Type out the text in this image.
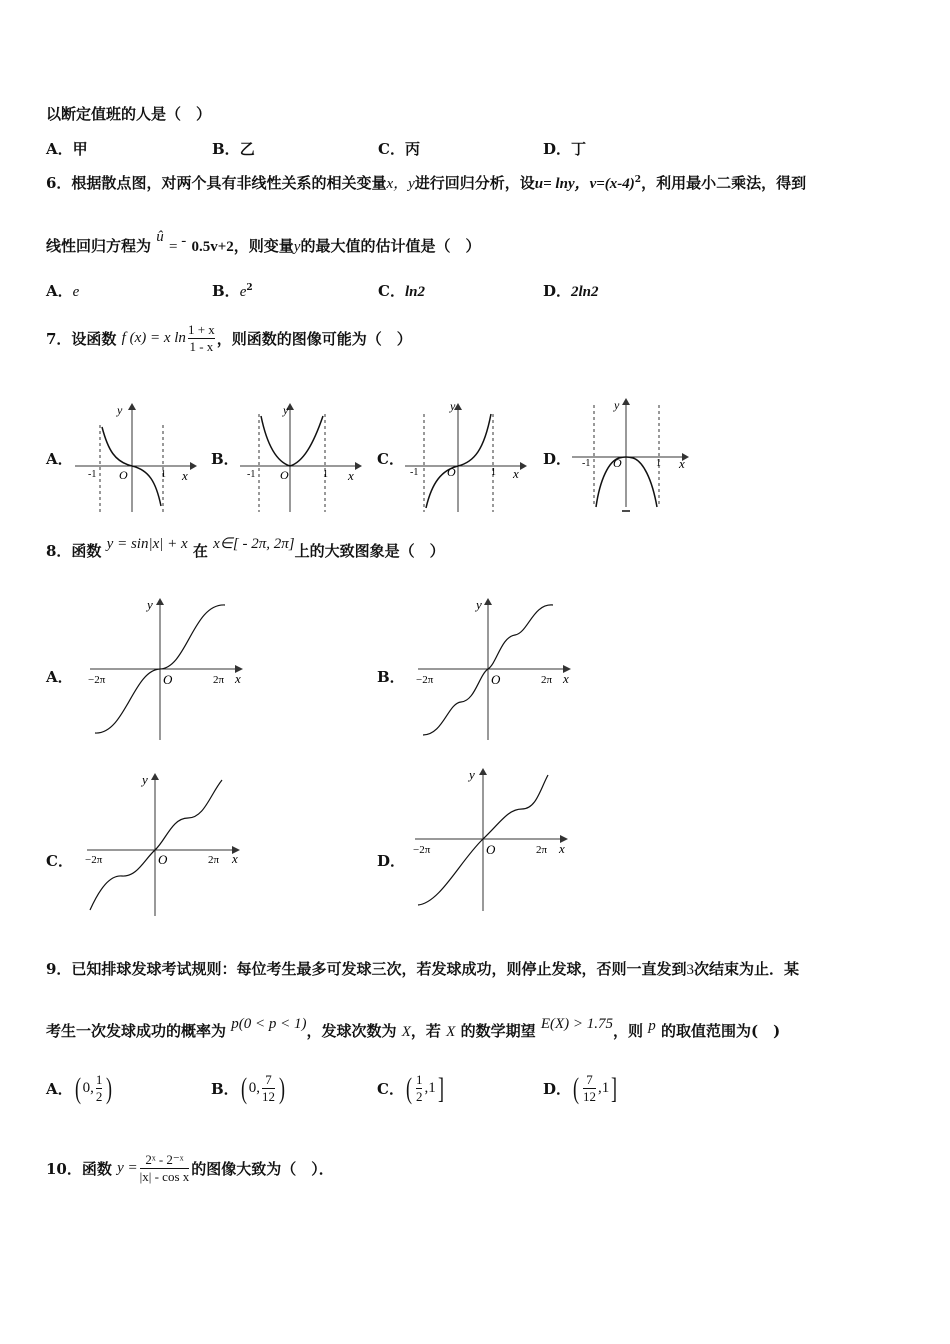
以断定值班的人是（　）
A．甲	B．乙	C．丙	D．丁
6．根据散点图，对两个具有非线性关系的相关变量x，y进行回归分析，设u= lny，$v=(x-4)^2$，利用最小二乘法，得到
线性回归方程为 û = - 0.5v+2，则变量y的最大值的估计值是（　）
A．e	B．$e^2$	C．ln2	D．2ln2
7．设函数 f (x) = x $\ln \frac{1 + x}{1 - x}$ ，则函数的图像可能为（　）
A．	B．	C．	D．
y
x
O
-1	1
y
x
O
-1	1
y
x
O
-1	1
y
x
O
-1	1
8．函数 y = sin|x| + x 在 x∈[ - 2π, 2π]上的大致图象是（　）
A．	B．
C．	D．
y
x
O
−2π	2π
y
x
O
−2π	2π
y
x
O
−2π	2π
y
x
O
−2π	2π
9．已知排球发球考试规则：每位考生最多可发球三次，若发球成功，则停止发球，否则一直发到3次结束为止．某
考生一次发球成功的概率为 p(0 < p < 1)，发球次数为 X，若 X 的数学期望 E(X) > 1.75，则 p 的取值范围为(　)
A．( 0, $\frac{1}{2}$ )	B．( 0, $\frac{7}{12}$ )	C．( $\frac{1}{2} ,1$]	D．( $\frac{7}{12} ,1$]
10．函数 $y = \frac{\text{2ˣ - 2⁻ˣ}}{\text{|x| - cos x}}$ 的图像大致为（　）．
